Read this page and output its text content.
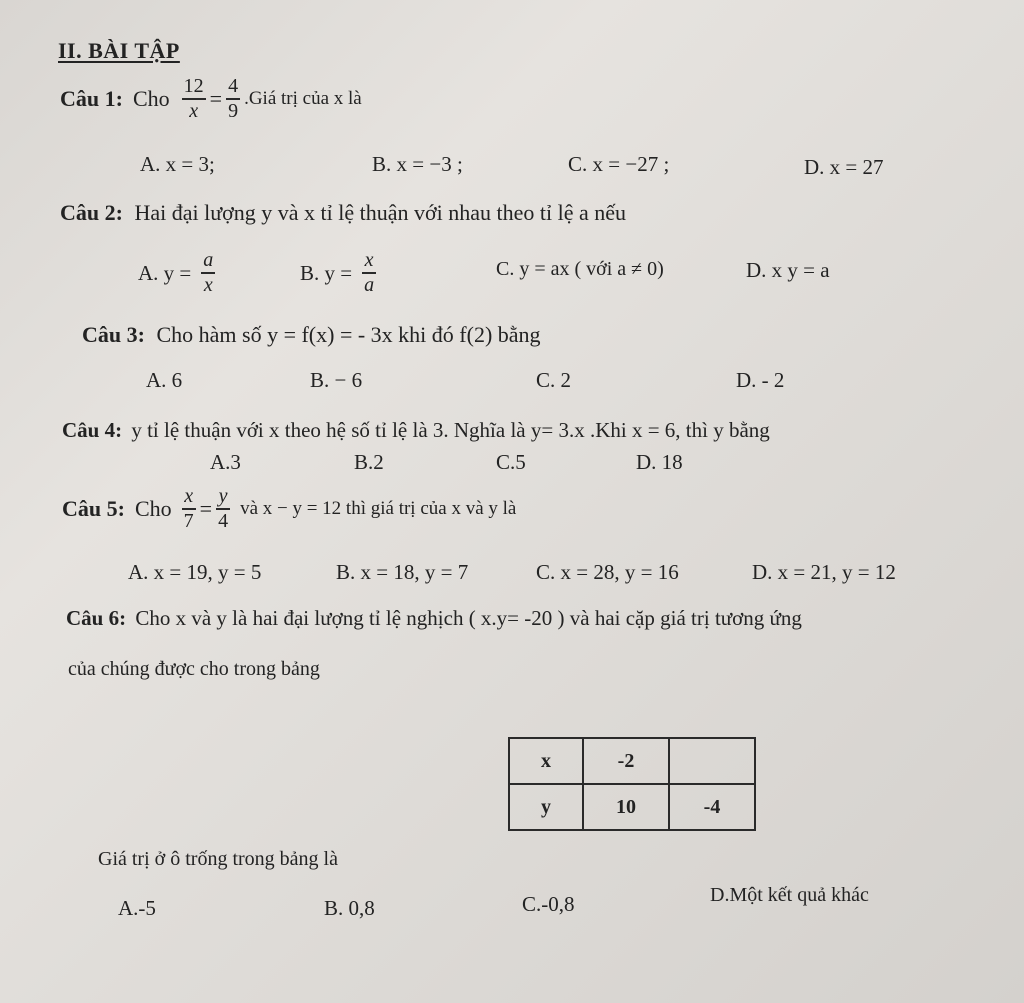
II. BÀI TẬP
Câu 1: Cho $\frac{12}{x} = \frac{4}{9}$ .Giá trị của x là
A. x = 3;	B. x = −3 ;	C. x = −27 ;	D. x = 27
Câu 2: Hai đại lượng y và x tỉ lệ thuận với nhau theo tỉ lệ a nếu
A. $y = \frac{a}{x}$	B. $y = \frac{x}{a}$	C. y = ax ( với a ≠ 0)	D. x y = a
Câu 3: Cho hàm số y = f(x) = - 3x khi đó f(2) bằng
A. 6	B. − 6	C. 2	D. - 2
Câu 4: y tỉ lệ thuận với x theo hệ số tỉ lệ là 3. Nghĩa là y= 3.x .Khi x = 6, thì y bằng
A.3	B.2	C.5	D. 18
Câu 5: Cho $\frac{x}{7} = \frac{y}{4}$ và x − y = 12 thì giá trị của x và y là
A. x = 19, y = 5	B. x = 18, y = 7	C. x = 28, y = 16	D. x = 21, y = 12
Câu 6: Cho x và y là hai đại lượng tỉ lệ nghịch ( x.y= -20 ) và hai cặp giá trị tương ứng
của chúng được cho trong bảng
x	-2	
y	10	-4
Giá trị ở ô trống trong bảng là
A.-5	B. 0,8	C.-0,8	D.Một kết quả khác
